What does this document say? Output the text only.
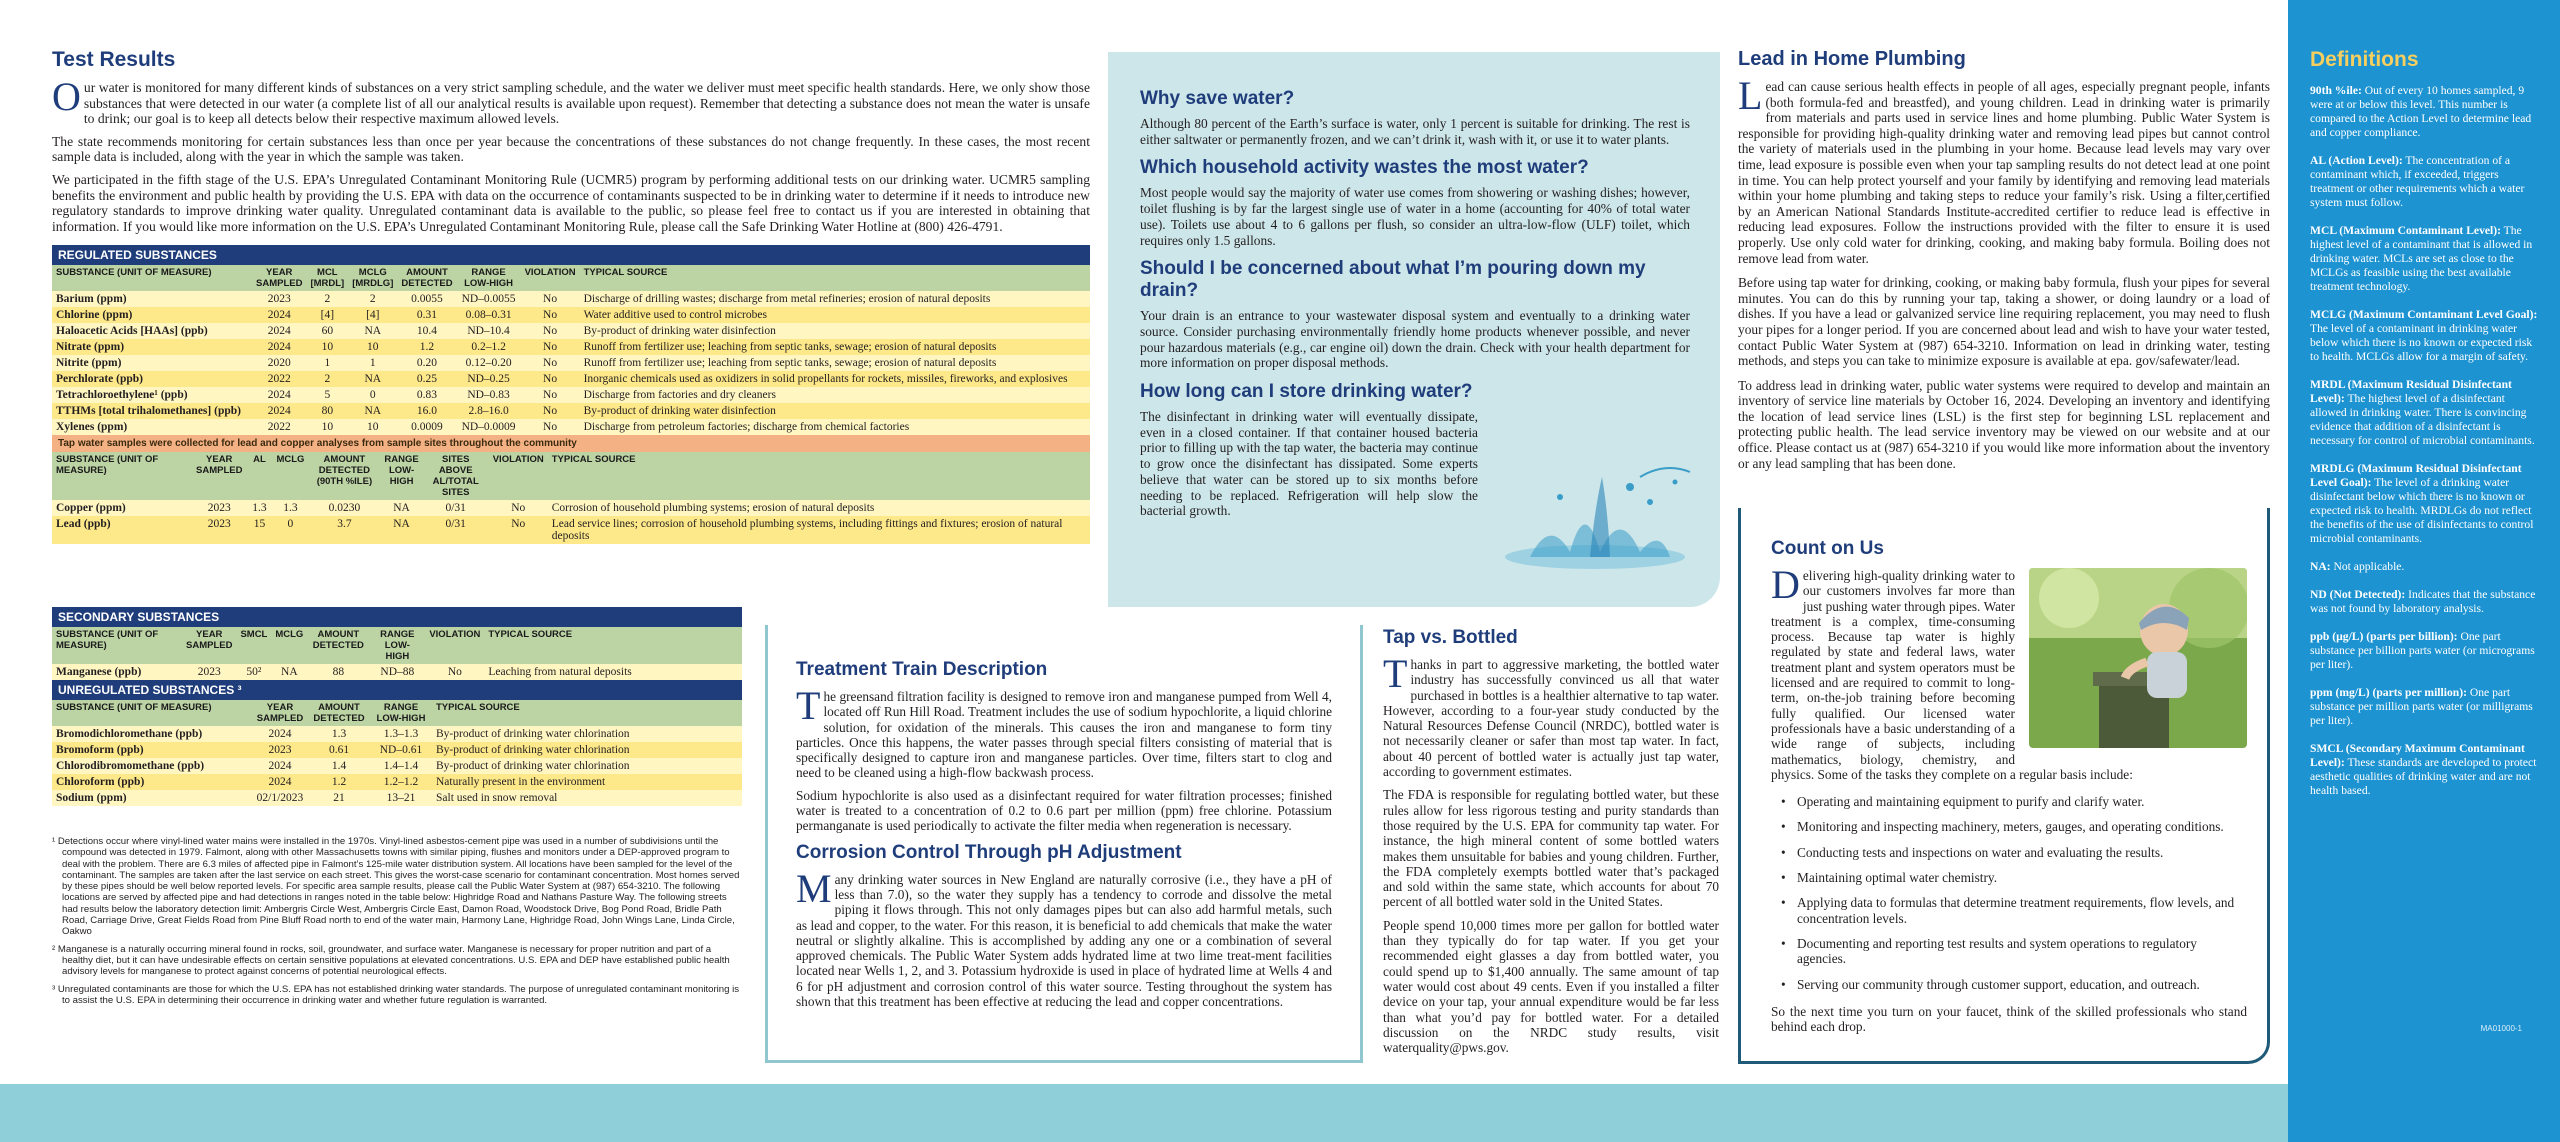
Test Results

Our water is monitored for many different kinds of substances on a very strict sampling schedule, and the water we deliver must meet specific health standards. Here, we only show those substances that were detected in our water (a complete list of all our analytical results is available upon request). Remember that detecting a substance does not mean the water is unsafe to drink; our goal is to keep all detects below their respective maximum allowed levels.

The state recommends monitoring for certain substances less than once per year because the concentrations of these substances do not change frequently. In these cases, the most recent sample data is included, along with the year in which the sample was taken.

We participated in the fifth stage of the U.S. EPA’s Unregulated Contaminant Monitoring Rule (UCMR5) program by performing additional tests on our drinking water. UCMR5 sampling benefits the environment and public health by providing the U.S. EPA with data on the occurrence of contaminants suspected to be in drinking water to determine if it needs to introduce new regulatory standards to improve drinking water quality. Unregulated contaminant data is available to the public, so please feel free to contact us if you are interested in obtaining that information. If you would like more information on the U.S. EPA’s Unregulated Contaminant Monitoring Rule, please call the Safe Drinking Water Hotline at (800) 426-4791.

REGULATED SUBSTANCES
SUBSTANCE (UNIT OF MEASURE)	YEAR SAMPLED	MCL [MRDL]	MCLG [MRDLG]	AMOUNT DETECTED	RANGE LOW-HIGH	VIOLATION	TYPICAL SOURCE
Barium (ppm)	2023	2	2	0.0055	ND–0.0055	No	Discharge of drilling wastes; discharge from metal refineries; erosion of natural deposits
Chlorine (ppm)	2024	[4]	[4]	0.31	0.08–0.31	No	Water additive used to control microbes
Haloacetic Acids [HAAs] (ppb)	2024	60	NA	10.4	ND–10.4	No	By-product of drinking water disinfection
Nitrate (ppm)	2024	10	10	1.2	0.2–1.2	No	Runoff from fertilizer use; leaching from septic tanks, sewage; erosion of natural deposits
Nitrite (ppm)	2020	1	1	0.20	0.12–0.20	No	Runoff from fertilizer use; leaching from septic tanks, sewage; erosion of natural deposits
Perchlorate (ppb)	2022	2	NA	0.25	ND–0.25	No	Inorganic chemicals used as oxidizers in solid propellants for rockets, missiles, fireworks, and explosives
Tetrachloroethylene¹ (ppb)	2024	5	0	0.83	ND–0.83	No	Discharge from factories and dry cleaners
TTHMs [total trihalomethanes] (ppb)	2024	80	NA	16.0	2.8–16.0	No	By-product of drinking water disinfection
Xylenes (ppm)	2022	10	10	0.0009	ND–0.0009	No	Discharge from petroleum factories; discharge from chemical factories
Tap water samples were collected for lead and copper analyses from sample sites throughout the community
SUBSTANCE (UNIT OF MEASURE)	YEAR SAMPLED	AL	MCLG	AMOUNT DETECTED (90TH %ILE)	RANGE LOW-HIGH	SITES ABOVE AL/TOTAL SITES	VIOLATION	TYPICAL SOURCE
Copper (ppm)	2023	1.3	1.3	0.0230	NA	0/31	No	Corrosion of household plumbing systems; erosion of natural deposits
Lead (ppb)	2023	15	0	3.7	NA	0/31	No	Lead service lines; corrosion of household plumbing systems, including fittings and fixtures; erosion of natural deposits
SECONDARY SUBSTANCES
SUBSTANCE (UNIT OF MEASURE)	YEAR SAMPLED	SMCL	MCLG	AMOUNT DETECTED	RANGE LOW-HIGH	VIOLATION	TYPICAL SOURCE
Manganese (ppb)	2023	50²	NA	88	ND–88	No	Leaching from natural deposits
UNREGULATED SUBSTANCES ³
SUBSTANCE (UNIT OF MEASURE)	YEAR SAMPLED	AMOUNT DETECTED	RANGE LOW-HIGH	TYPICAL SOURCE
Bromodichloromethane (ppb)	2024	1.3	1.3–1.3	By-product of drinking water chlorination
Bromoform (ppb)	2023	0.61	ND–0.61	By-product of drinking water chlorination
Chlorodibromomethane (ppb)	2024	1.4	1.4–1.4	By-product of drinking water chlorination
Chloroform (ppb)	2024	1.2	1.2–1.2	Naturally present in the environment
Sodium (ppm)	02/1/2023	21	13–21	Salt used in snow removal

¹ Detections occur where vinyl-lined water mains were installed in the 1970s. Vinyl-lined asbestos-cement pipe was used in a number of subdivisions until the compound was detected in 1979. Falmont, along with other Massachusetts towns with similar piping, flushes and monitors under a DEP-approved program to deal with the problem. There are 6.3 miles of affected pipe in Falmont’s 125-mile water distribution system. All locations have been sampled for the level of the contaminant. The samples are taken after the last service on each street. This gives the worst-case scenario for contaminant concentration. Most homes served by these pipes should be well below reported levels. For specific area sample results, please call the Public Water System at (987) 654-3210. The following locations are served by affected pipe and had detections in ranges noted in the table below: Highridge Road and Nathans Pasture Way. The following streets had results below the laboratory detection limit: Ambergris Circle West, Ambergris Circle East, Damon Road, Woodstock Drive, Bog Pond Road, Bridle Path Road, Carriage Drive, Great Fields Road from Pine Bluff Road north to end of the water main, Harmony Lane, Highridge Road, John Wings Lane, Linda Circle, Oakwo

² Manganese is a naturally occurring mineral found in rocks, soil, groundwater, and surface water. Manganese is necessary for proper nutrition and part of a healthy diet, but it can have undesirable effects on certain sensitive populations at elevated concentrations. U.S. EPA and DEP have established public health advisory levels for manganese to protect against concerns of potential neurological effects.

³ Unregulated contaminants are those for which the U.S. EPA has not established drinking water standards. The purpose of unregulated contaminant monitoring is to assist the U.S. EPA in determining their occurrence in drinking water and whether future regulation is warranted.

Why save water?

Although 80 percent of the Earth’s surface is water, only 1 percent is suitable for drinking. The rest is either saltwater or permanently frozen, and we can’t drink it, wash with it, or use it to water plants.

Which household activity wastes the most water?

Most people would say the majority of water use comes from showering or washing dishes; however, toilet flushing is by far the largest single use of water in a home (accounting for 40% of total water use). Toilets use about 4 to 6 gallons per flush, so consider an ultra-low-flow (ULF) toilet, which requires only 1.5 gallons.

Should I be concerned about what I’m pouring down my drain?

Your drain is an entrance to your wastewater disposal system and eventually to a drinking water source. Consider purchasing environmentally friendly home products whenever possible, and never pour hazardous materials (e.g., car engine oil) down the drain. Check with your health department for more information on proper disposal methods.

How long can I store drinking water?

The disinfectant in drinking water will eventually dissipate, even in a closed container. If that container housed bacteria prior to filling up with the tap water, the bacteria may continue to grow once the disinfectant has dissipated. Some experts believe that water can be stored up to six months before needing to be replaced. Refrigeration will help slow the bacterial growth.

Treatment Train Description

The greensand filtration facility is designed to remove iron and manganese pumped from Well 4, located off Run Hill Road. Treatment includes the use of sodium hypochlorite, a liquid chlorine solution, for oxidation of the minerals. This causes the iron and manganese to form tiny particles. Once this happens, the water passes through special filters consisting of material that is specifically designed to capture iron and manganese particles. Over time, filters start to clog and need to be cleaned using a high-flow backwash process.

Sodium hypochlorite is also used as a disinfectant required for water filtration processes; finished water is treated to a concentration of 0.2 to 0.6 part per million (ppm) free chlorine. Potassium permanganate is used periodically to activate the filter media when regeneration is necessary.

Corrosion Control Through pH Adjustment

Many drinking water sources in New England are naturally corrosive (i.e., they have a pH of less than 7.0), so the water they supply has a tendency to corrode and dissolve the metal piping it flows through. This not only damages pipes but can also add harmful metals, such as lead and copper, to the water. For this reason, it is beneficial to add chemicals that make the water neutral or slightly alkaline. This is accomplished by adding any one or a combination of several approved chemicals. The Public Water System adds hydrated lime at two lime treat-ment facilities located near Wells 1, 2, and 3. Potassium hydroxide is used in place of hydrated lime at Wells 4 and 6 for pH adjustment and corrosion control of this water source. Testing throughout the system has shown that this treatment has been effective at reducing the lead and copper concentrations.

Tap vs. Bottled

Thanks in part to aggressive marketing, the bottled water industry has successfully convinced us all that water purchased in bottles is a healthier alternative to tap water. However, according to a four-year study conducted by the Natural Resources Defense Council (NRDC), bottled water is not necessarily cleaner or safer than most tap water. In fact, about 40 percent of bottled water is actually just tap water, according to government estimates.

The FDA is responsible for regulating bottled water, but these rules allow for less rigorous testing and purity standards than those required by the U.S. EPA for community tap water. For instance, the high mineral content of some bottled waters makes them unsuitable for babies and young children. Further, the FDA completely exempts bottled water that’s packaged and sold within the same state, which accounts for about 70 percent of all bottled water sold in the United States.

People spend 10,000 times more per gallon for bottled water than they typically do for tap water. If you get your recommended eight glasses a day from bottled water, you could spend up to $1,400 annually. The same amount of tap water would cost about 49 cents. Even if you installed a filter device on your tap, your annual expenditure would be far less than what you’d pay for bottled water. For a detailed discussion on the NRDC study results, visit waterquality@pws.gov.

Lead in Home Plumbing

Lead can cause serious health effects in people of all ages, especially pregnant people, infants (both formula-fed and breastfed), and young children. Lead in drinking water is primarily from materials and parts used in service lines and home plumbing. Public Water System is responsible for providing high-quality drinking water and removing lead pipes but cannot control the variety of materials used in the plumbing in your home. Because lead levels may vary over time, lead exposure is possible even when your tap sampling results do not detect lead at one point in time. You can help protect yourself and your family by identifying and removing lead materials within your home plumbing and taking steps to reduce your family’s risk. Using a filter,certified by an American National Standards Institute-accredited certifier to reduce lead is effective in reducing lead exposures. Follow the instructions provided with the filter to ensure it is used properly. Use only cold water for drinking, cooking, and making baby formula. Boiling does not remove lead from water.

Before using tap water for drinking, cooking, or making baby formula, flush your pipes for several minutes. You can do this by running your tap, taking a shower, or doing laundry or a load of dishes. If you have a lead or galvanized service line requiring replacement, you may need to flush your pipes for a longer period. If you are concerned about lead and wish to have your water tested, contact Public Water System at (987) 654-3210. Information on lead in drinking water, testing methods, and steps you can take to minimize exposure is available at epa. gov/safewater/lead.

To address lead in drinking water, public water systems were required to develop and maintain an inventory of service line materials by October 16, 2024. Developing an inventory and identifying the location of lead service lines (LSL) is the first step for beginning LSL replacement and protecting public health. The lead service inventory may be viewed on our website and at our office. Please contact us at (987) 654-3210 if you would like more information about the inventory or any lead sampling that has been done.

Count on Us

Delivering high-quality drinking water to our customers involves far more than just pushing water through pipes. Water treatment is a complex, time-consuming process. Because tap water is highly regulated by state and federal laws, water treatment plant and system operators must be licensed and are required to commit to long-term, on-the-job training before becoming fully qualified. Our licensed water professionals have a basic understanding of a wide range of subjects, including mathematics, biology, chemistry, and physics. Some of the tasks they complete on a regular basis include:

• Operating and maintaining equipment to purify and clarify water.
• Monitoring and inspecting machinery, meters, gauges, and operating conditions.
• Conducting tests and inspections on water and evaluating the results.
• Maintaining optimal water chemistry.
• Applying data to formulas that determine treatment requirements, flow levels, and concentration levels.
• Documenting and reporting test results and system operations to regulatory agencies.
• Serving our community through customer support, education, and outreach.

So the next time you turn on your faucet, think of the skilled professionals who stand behind each drop.

Definitions
90th %ile: Out of every 10 homes sampled, 9 were at or below this level. This number is compared to the Action Level to determine lead and copper compliance.
AL (Action Level): The concentration of a contaminant which, if exceeded, triggers treatment or other requirements which a water system must follow.
MCL (Maximum Contaminant Level): The highest level of a contaminant that is allowed in drinking water. MCLs are set as close to the MCLGs as feasible using the best available treatment technology.
MCLG (Maximum Contaminant Level Goal): The level of a contaminant in drinking water below which there is no known or expected risk to health. MCLGs allow for a margin of safety.
MRDL (Maximum Residual Disinfectant Level): The highest level of a disinfectant allowed in drinking water. There is convincing evidence that addition of a disinfectant is necessary for control of microbial contaminants.
MRDLG (Maximum Residual Disinfectant Level Goal): The level of a drinking water disinfectant below which there is no known or expected risk to health. MRDLGs do not reflect the benefits of the use of disinfectants to control microbial contaminants.
NA: Not applicable.
ND (Not Detected): Indicates that the substance was not found by laboratory analysis.
ppb (µg/L) (parts per billion): One part substance per billion parts water (or micrograms per liter).
ppm (mg/L) (parts per million): One part substance per million parts water (or milligrams per liter).
SMCL (Secondary Maximum Contaminant Level): These standards are developed to protect aesthetic qualities of drinking water and are not health based.
MA01000-1
